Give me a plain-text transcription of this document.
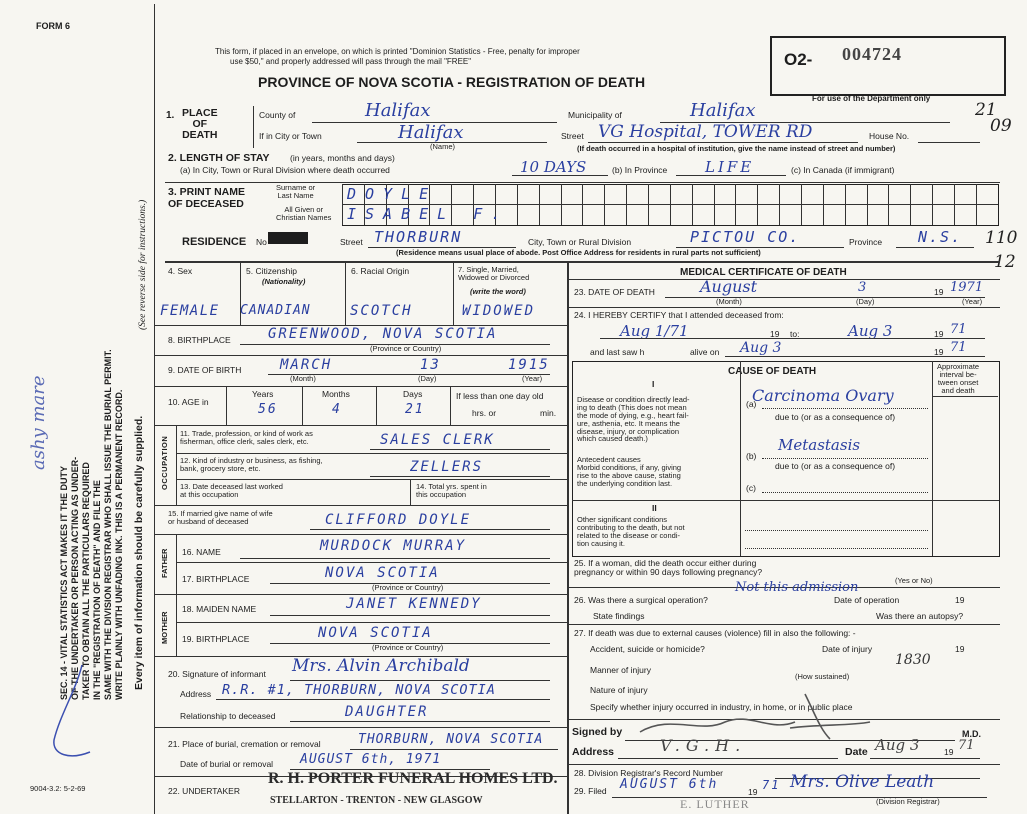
FORM 6
This form, if placed in an envelope, on which is printed "Dominion Statistics - Free, penalty for improper
use $50," and properly addressed will pass through the mail "FREE"
PROVINCE OF NOVA SCOTIA - REGISTRATION OF DEATH
O2- 004724
For use of the Department only
21
09
110
12
SEC. 14 - VITAL STATISTICS ACT MAKES IT THE DUTY OF THE UNDERTAKER OR PERSON ACTING AS UNDER- TAKER TO OBTAIN ALL THE PARTICULARS REQUIRED IN THE "REGISTRATION OF DEATH" AND FILE THE SAME WITH THE DIVISION REGISTRAR WHO SHALL ISSUE THE BURIAL PERMIT. WRITE PLAINLY WITH UNFADING INK. THIS IS A PERMANENT RECORD. Every item of information should be carefully supplied.
(See reverse side for instructions.)
ashy mare
9004-3.2: 5-2-69
1. PLACE
OF
DEATH
County of	Halifax	Municipality of	Halifax
If in City or Town	Halifax
(Name)
Street VG Hospital, TOWER RD	House No.
(If death occurred in a hospital of institution, give the name instead of street and number)
2. LENGTH OF STAY (in years, months and days)
(a) In City, Town or Rural Division where death occurred	10 DAYS	(b) In Province	LIFE	(c) In Canada (if immigrant)
3. PRINT NAME
OF DECEASED
Surname or
Last Name
All Given or
Christian Names
DOYLE
ISABEL F.
RESIDENCE No	Street THORBURN	City, Town or Rural Division	PICTOU CO.	Province N.S.
(Residence means usual place of abode. Post Office Address for residents in rural parts not sufficient)
4. Sex	5. Citizenship
(Nationality)
6. Racial Origin	7. Single, Married,
Widowed or Divorced
(write the word)
FEMALE CANADIAN	SCOTCH	WIDOWED
8. BIRTHPLACE	GREENWOOD, NOVA SCOTIA
(Province or Country)
9. DATE OF BIRTH	MARCH	13	1915
(Month)	(Day)	(Year)
10. AGE in
Years
56
Months
4
Days
21
If less than one day old
hrs. or	min.
OCCUPATION
11. Trade, profession, or kind of work as
fisherman, office clerk, sales clerk, etc.	SALES CLERK
12. Kind of industry or business, as fishing,
bank, grocery store, etc.	ZELLERS
13. Date deceased last worked
at this occupation
14. Total yrs. spent in
this occupation
15. If married give name of wife
or husband of deceased	CLIFFORD DOYLE
FATHER 16. NAME	MURDOCK MURRAY
17. BIRTHPLACE	NOVA SCOTIA
(Province or Country)
MOTHER
18. MAIDEN NAME	JANET KENNEDY
19. BIRTHPLACE	NOVA SCOTIA
(Province or Country)
20. Signature of informant Mrs. Alvin Archibald
Address R.R. #1, THORBURN, NOVA SCOTIA
Relationship to deceased	DAUGHTER
21. Place of burial, cremation or removal	THORBURN, NOVA SCOTIA
Date of burial or removal AUGUST 6th, 1971
22. UNDERTAKER
R. H. PORTER FUNERAL HOMES LTD.
STELLARTON - TRENTON - NEW GLASGOW
MEDICAL CERTIFICATE OF DEATH
23. DATE OF DEATH	August	3	19 1971
(Month)	(Day)	(Year)
24. I HEREBY CERTIFY that I attended deceased from:
Aug 1/71	19 to:	Aug 3	19 71
and last saw h	alive on Aug 3	19 71
CAUSE OF DEATH	Approximate
interval be-
tween onset
and death
I
Disease or condition directly lead-
ing to death (This does not mean
the mode of dying, e.g., heart fail-
ure, asthenia, etc. It means the
disease, injury, or complication
which caused death.)
(a)
Carcinoma Ovary
due to (or as a consequence of)
Antecedent causes
Morbid conditions, if any, giving
rise to the above cause, stating
the underlying condition last.
(b)
Metastasis
due to (or as a consequence of)
(c)
II
Other significant conditions
contributing to the death, but not
related to the disease or condi-
tion causing it.
25. If a woman, did the death occur either during
pregnancy or within 90 days following pregnancy?
(Yes or No)
26. Was there a surgical operation?
Not this admission
Date of operation	19
State findings	Was there an autopsy?
27. If death was due to external causes (violence) fill in also the following: -
Accident, suicide or homicide?	Date of injury	19
1830
Manner of injury
(How sustained)
Nature of injury
Specify whether injury occurred in industry, in home, or in public place
Signed by	M.D.
Address	V.G.H.	Date Aug 3	19 71
28. Division Registrar's Record Number
29. Filed AUGUST 6th	19 71 Mrs. Olive Leath
(Division Registrar)
E. LUTHER
